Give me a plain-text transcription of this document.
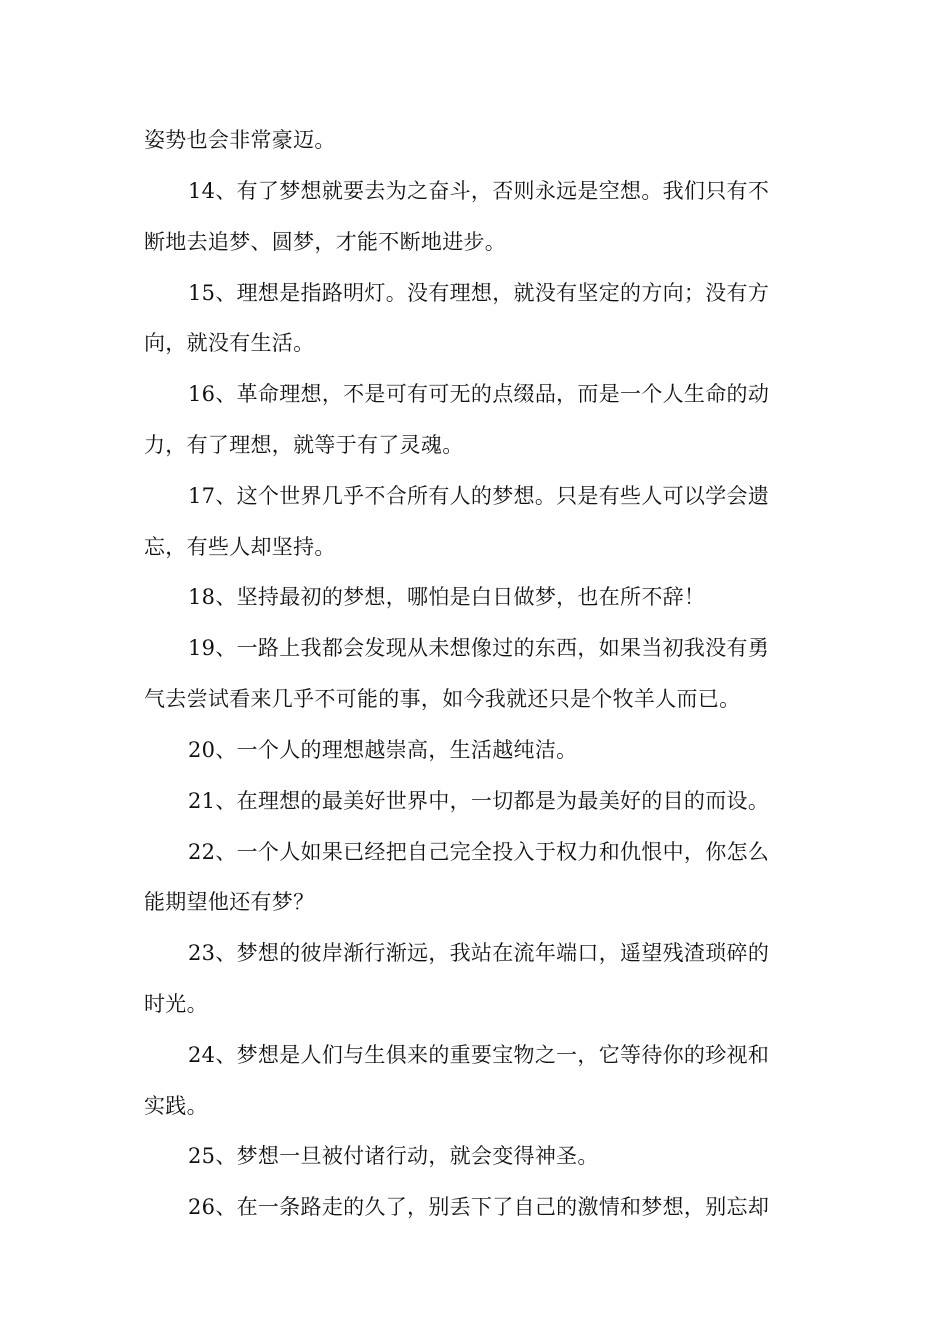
姿势也会非常豪迈。
14、有了梦想就要去为之奋斗，否则永远是空想。我们只有不
断地去追梦、圆梦，才能不断地进步。
15、理想是指路明灯。没有理想，就没有坚定的方向；没有方
向，就没有生活。
16、革命理想，不是可有可无的点缀品，而是一个人生命的动
力，有了理想，就等于有了灵魂。
17、这个世界几乎不合所有人的梦想。只是有些人可以学会遗
忘，有些人却坚持。
18、坚持最初的梦想，哪怕是白日做梦，也在所不辞！
19、一路上我都会发现从未想像过的东西，如果当初我没有勇
气去尝试看来几乎不可能的事，如今我就还只是个牧羊人而已。
20、一个人的理想越崇高，生活越纯洁。
21、在理想的最美好世界中，一切都是为最美好的目的而设。
22、一个人如果已经把自己完全投入于权力和仇恨中，你怎么
能期望他还有梦？
23、梦想的彼岸渐行渐远，我站在流年端口，遥望残渣琐碎的
时光。
24、梦想是人们与生俱来的重要宝物之一，它等待你的珍视和
实践。
25、梦想一旦被付诸行动，就会变得神圣。
26、在一条路走的久了，别丢下了自己的激情和梦想，别忘却
